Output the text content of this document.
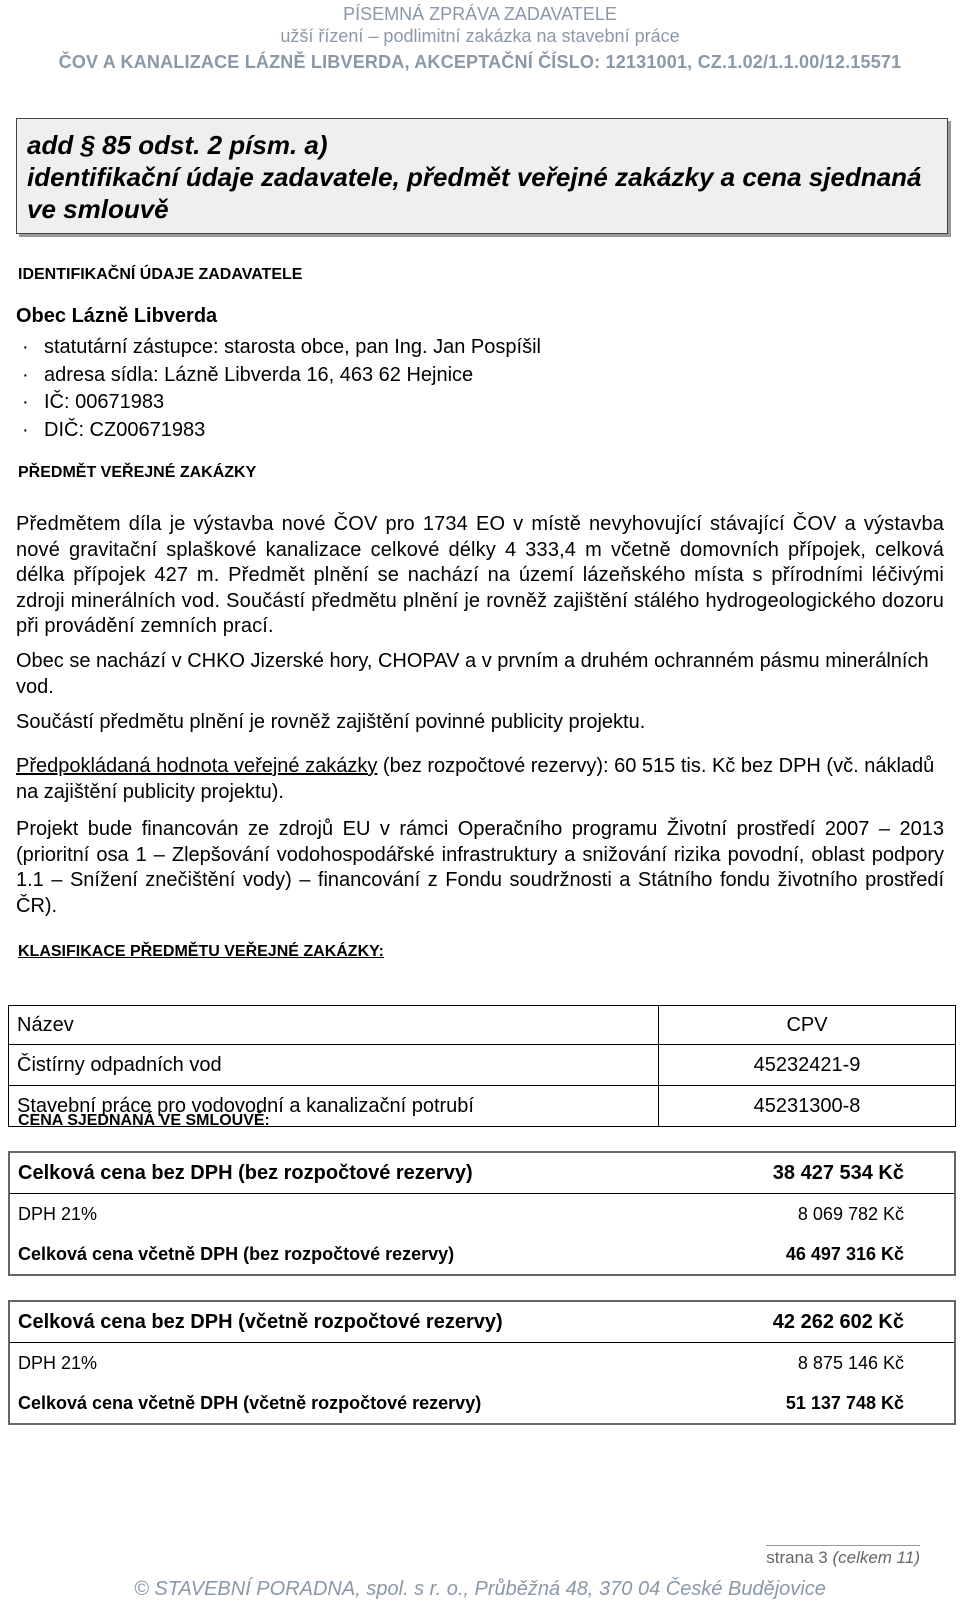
PÍSEMNÁ ZPRÁVA ZADAVATELE
užší řízení – podlimitní zakázka na stavební práce
ČOV A KANALIZACE LÁZNĚ LIBVERDA, AKCEPTAČNÍ ČÍSLO: 12131001, CZ.1.02/1.1.00/12.15571
add § 85 odst. 2 písm. a)
identifikační údaje zadavatele, předmět veřejné zakázky a cena sjednaná ve smlouvě
IDENTIFIKAČNÍ ÚDAJE ZADAVATELE
Obec Lázně Libverda
· statutární zástupce: starosta obce, pan Ing. Jan Pospíšil
· adresa sídla: Lázně Libverda 16, 463 62 Hejnice
· IČ: 00671983
· DIČ: CZ00671983
PŘEDMĚT VEŘEJNÉ ZAKÁZKY
Předmětem díla je výstavba nové ČOV pro 1734 EO v místě nevyhovující stávající ČOV a výstavba nové gravitační splaškové kanalizace celkové délky 4 333,4 m včetně domovních přípojek, celková délka přípojek 427 m. Předmět plnění se nachází na území lázeňského místa s přírodními léčivými zdroji minerálních vod. Součástí předmětu plnění je rovněž zajištění stálého hydrogeologického dozoru při provádění zemních prací.
Obec se nachází v CHKO Jizerské hory, CHOPAV a v prvním a druhém ochranném pásmu minerálních vod.
Součástí předmětu plnění je rovněž zajištění povinné publicity projektu.
Předpokládaná hodnota veřejné zakázky (bez rozpočtové rezervy): 60 515 tis. Kč bez DPH (vč. nákladů na zajištění publicity projektu).
Projekt bude financován ze zdrojů EU v rámci Operačního programu Životní prostředí 2007 – 2013 (prioritní osa 1 – Zlepšování vodohospodářské infrastruktury a snižování rizika povodní, oblast podpory 1.1 – Snížení znečištění vody) – financování z Fondu soudržnosti a Státního fondu životního prostředí ČR).
KLASIFIKACE PŘEDMĚTU VEŘEJNÉ ZAKÁZKY:
Název	CPV
Čistírny odpadních vod	45232421-9
Stavební práce pro vodovodní a kanalizační potrubí	45231300-8
CENA SJEDNANÁ VE SMLOUVĚ:
Celková cena bez DPH (bez rozpočtové rezervy)	38 427 534 Kč
DPH 21%	8 069 782 Kč
Celková cena včetně DPH (bez rozpočtové rezervy)	46 497 316 Kč
Celková cena bez DPH (včetně rozpočtové rezervy)	42 262 602 Kč
DPH 21%	8 875 146 Kč
Celková cena včetně DPH (včetně rozpočtové rezervy)	51 137 748 Kč
strana 3 (celkem 11)
© STAVEBNÍ PORADNA, spol. s r. o., Průběžná 48, 370 04 České Budějovice
